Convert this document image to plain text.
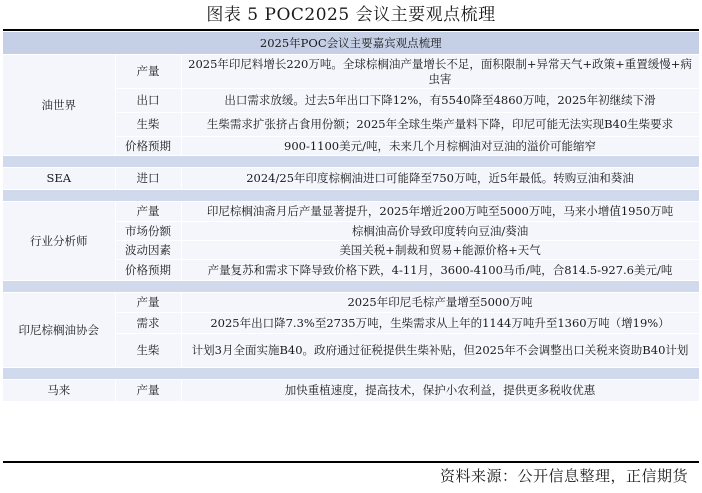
图表 5 POC2025 会议主要观点梳理
2025年POC会议主要嘉宾观点梳理		
油世界	产量	2025年印尼料增长220万吨。全球棕榈油产量增长不足，面积限制+异常天气+政策+重置缓慢+病虫害
	出口	出口需求放缓。过去5年出口下降12%，有5540降至4860万吨，2025年初继续下滑
	生柴	生柴需求扩张挤占食用份额；2025年全球生柴产量料下降，印尼可能无法实现B40生柴要求
	价格预期	900-1100美元/吨，未来几个月棕榈油对豆油的溢价可能缩窄

SEA	进口	2024/25年印度棕榈油进口可能降至750万吨，近5年最低。转购豆油和葵油

行业分析师	产量	印尼棕榈油斋月后产量显著提升，2025年增近200万吨至5000万吨，马来小增值1950万吨
	市场份额	棕榈油高价导致印度转向豆油/葵油
	波动因素	美国关税+制裁和贸易+能源价格+天气
	价格预期	产量复苏和需求下降导致价格下跌，4-11月，3600-4100马币/吨，合814.5-927.6美元/吨

印尼棕榈油协会	产量	2025年印尼毛棕产量增至5000万吨
	需求	2025年出口降7.3%至2735万吨，生柴需求从上年的1144万吨升至1360万吨（增19%）
	生柴	计划3月全面实施B40。政府通过征税提供生柴补贴，但2025年不会调整出口关税来资助B40计划

马来	产量	加快重植速度，提高技术，保护小农利益，提供更多税收优惠
资料来源：公开信息整理，正信期货
